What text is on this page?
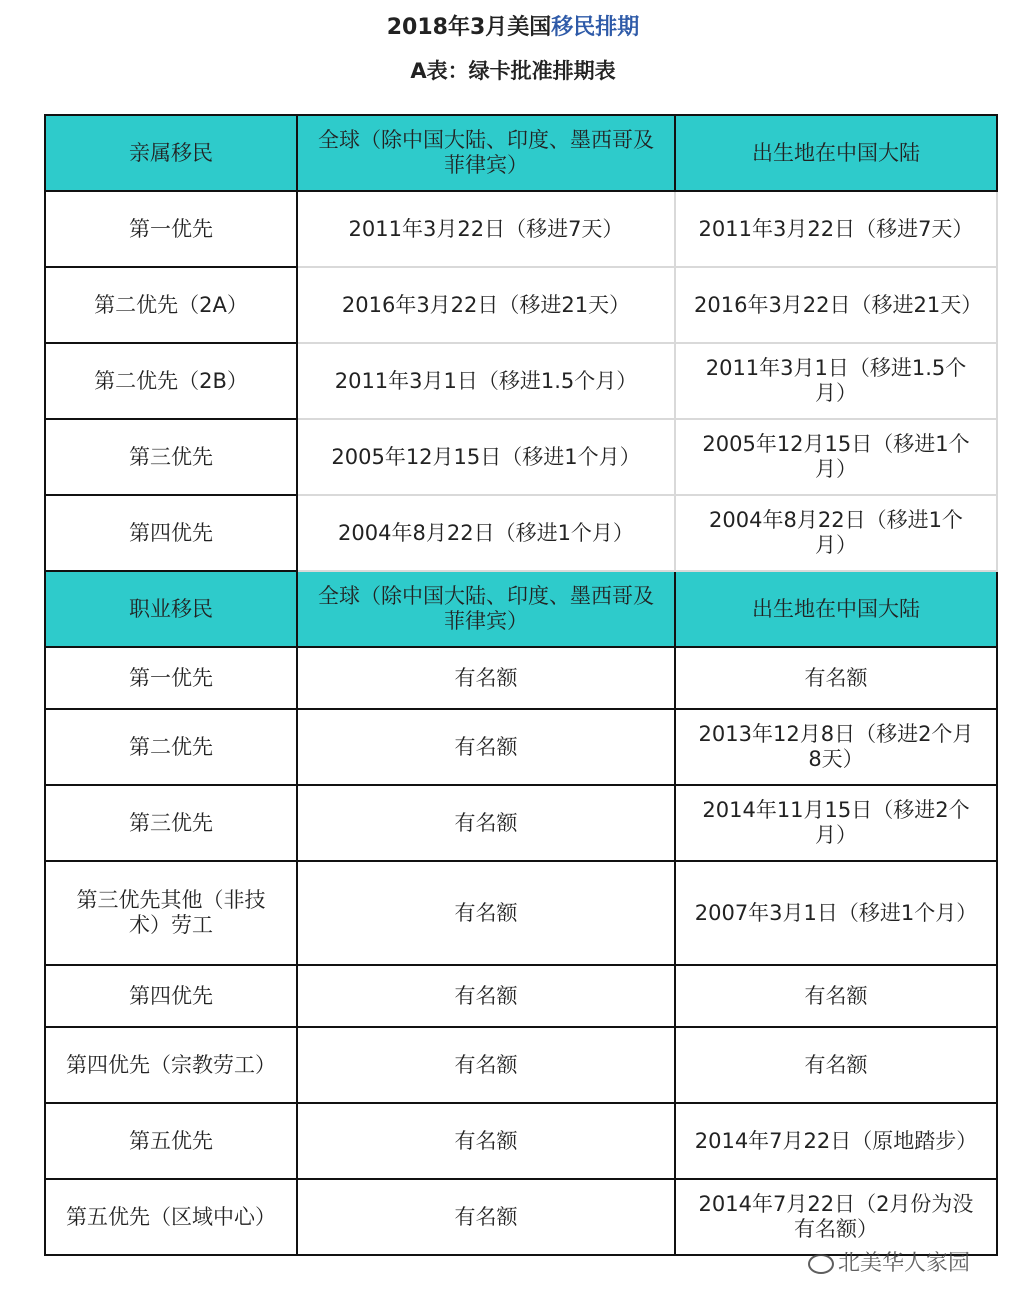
2018年3月美国移民排期
A表：绿卡批准排期表
亲属移民	全球（除中国大陆、印度、墨西哥及菲律宾）	出生地在中国大陆
第一优先	2011年3月22日（移进7天）	2011年3月22日（移进7天）
第二优先（2A）	2016年3月22日（移进21天）	2016年3月22日（移进21天）
第二优先（2B）	2011年3月1日（移进1.5个月）	2011年3月1日（移进1.5个月）
第三优先	2005年12月15日（移进1个月）	2005年12月15日（移进1个月）
第四优先	2004年8月22日（移进1个月）	2004年8月22日（移进1个月）
职业移民	全球（除中国大陆、印度、墨西哥及菲律宾）	出生地在中国大陆
第一优先	有名额	有名额
第二优先	有名额	2013年12月8日（移进2个月8天）
第三优先	有名额	2014年11月15日（移进2个月）
第三优先其他（非技术）劳工	有名额	2007年3月1日（移进1个月）
第四优先	有名额	有名额
第四优先（宗教劳工）	有名额	有名额
第五优先	有名额	2014年7月22日（原地踏步）
第五优先（区域中心）	有名额	2014年7月22日（2月份为没有名额）
北美华人家园
